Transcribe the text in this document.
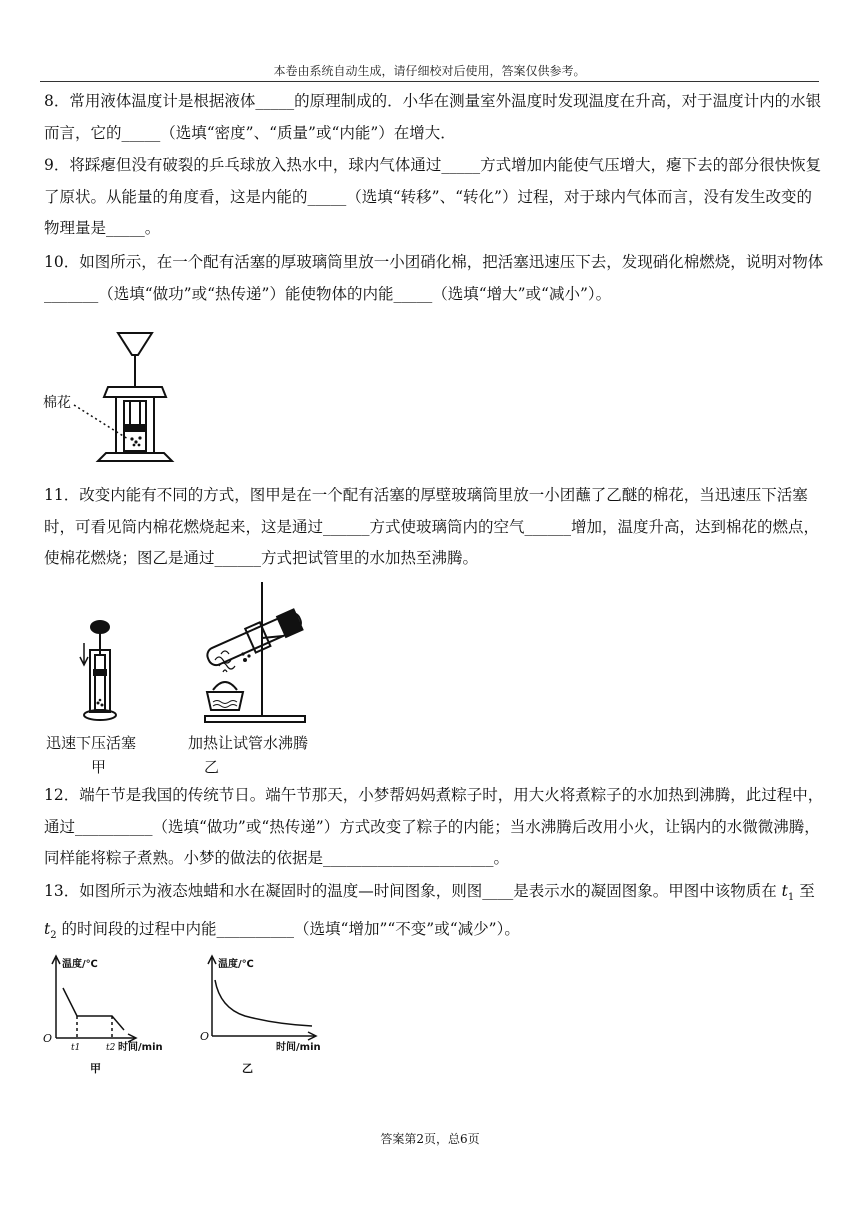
本卷由系统自动生成，请仔细校对后使用，答案仅供参考。
8．常用液体温度计是根据液体_____的原理制成的．小华在测量室外温度时发现温度在升高，对于温度计内的水银而言，它的_____（选填“密度”、“质量”或“内能”）在增大．
9．将踩瘪但没有破裂的乒乓球放入热水中，球内气体通过_____方式增加内能使气压增大，瘪下去的部分很快恢复了原状。从能量的角度看，这是内能的_____（选填“转移”、“转化”）过程，对于球内气体而言，没有发生改变的物理量是_____。
10．如图所示，在一个配有活塞的厚玻璃筒里放一小团硝化棉，把活塞迅速压下去，发现硝化棉燃烧，说明对物体_______（选填“做功”或“热传递”）能使物体的内能_____（选填“增大”或“减小”）。
棉花
11．改变内能有不同的方式，图甲是在一个配有活塞的厚壁玻璃筒里放一小团蘸了乙醚的棉花，当迅速压下活塞时，可看见筒内棉花燃烧起来，这是通过______方式使玻璃筒内的空气______增加，温度升高，达到棉花的燃点，使棉花燃烧；图乙是通过______方式把试管里的水加热至沸腾。
迅速下压活塞
甲
加热让试管水沸腾
乙
12．端午节是我国的传统节日。端午节那天，小梦帮妈妈煮粽子时，用大火将煮粽子的水加热到沸腾，此过程中，通过__________（选填“做功”或“热传递”）方式改变了粽子的内能；当水沸腾后改用小火，让锅内的水微微沸腾，同样能将粽子煮熟。小梦的做法的依据是______________________。
13．如图所示为液态烛蜡和水在凝固时的温度—时间图象，则图____是表示水的凝固图象。甲图中该物质在 $t_1$ 至 $t_2$ 的时间段的过程中内能__________（选填“增加”“不变”或“减少”）。
温度/℃
O
t1	t2 时间/min
甲
温度/℃
O
时间/min
乙
答案第2页，总6页
